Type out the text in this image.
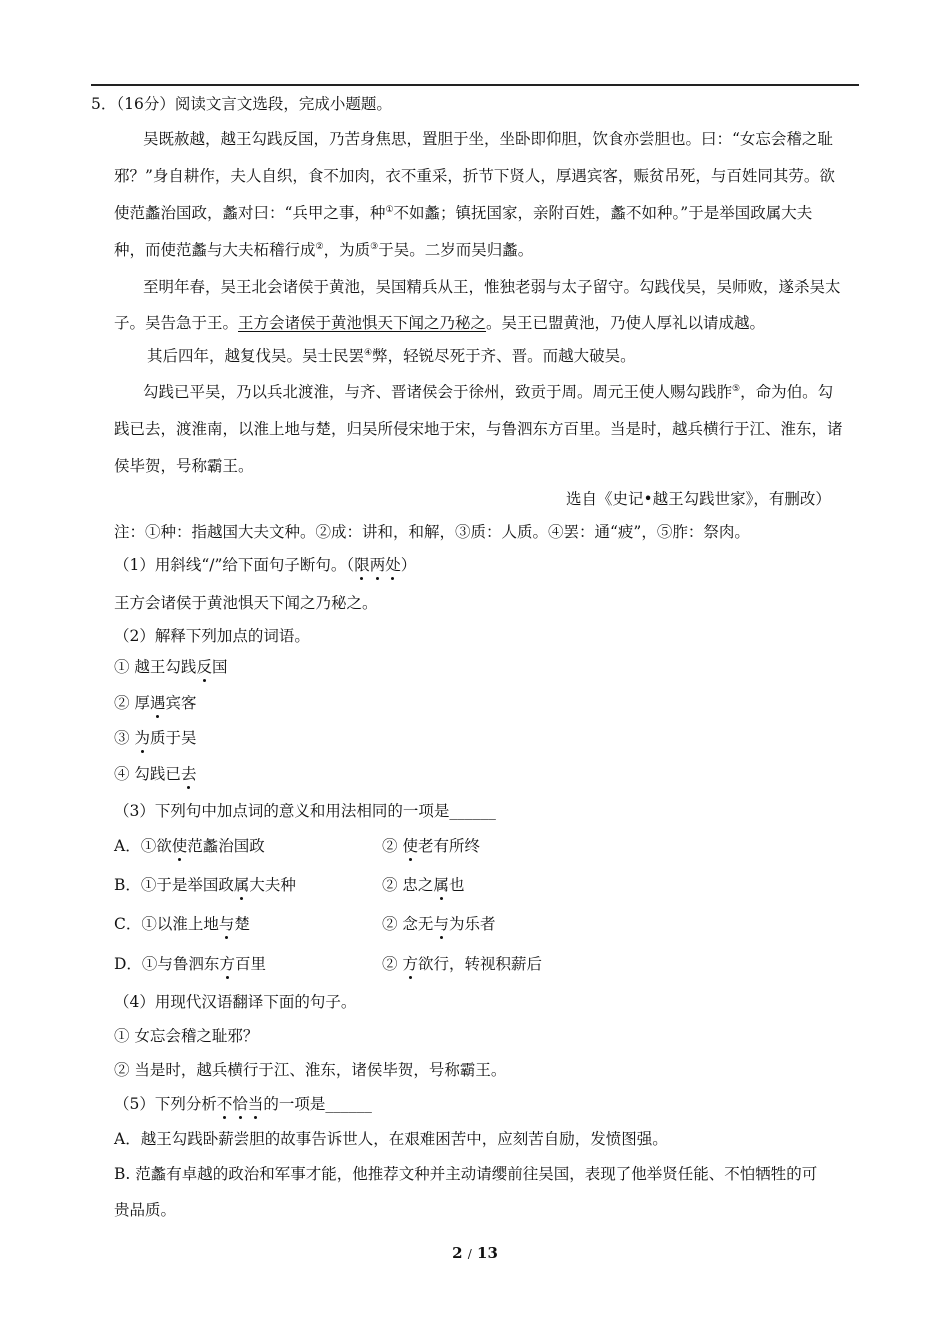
5．（16分）阅读文言文选段，完成小题题。
吴既赦越，越王勾践反国，乃苦身焦思，置胆于坐，坐卧即仰胆，饮食亦尝胆也。曰：“女忘会稽之耻
邪？”身自耕作，夫人自织，食不加肉，衣不重采，折节下贤人，厚遇宾客，赈贫吊死，与百姓同其劳。欲
使范蠡治国政，蠡对曰：“兵甲之事，种①不如蠡；镇抚国家，亲附百姓，蠡不如种。”于是举国政属大夫
种，而使范蠡与大夫柘稽行成②，为质③于吴。二岁而吴归蠡。
至明年春，吴王北会诸侯于黄池，吴国精兵从王，惟独老弱与太子留守。勾践伐吴，吴师败，遂杀吴太
子。吴告急于王。王方会诸侯于黄池惧天下闻之乃秘之。吴王已盟黄池，乃使人厚礼以请成越。
其后四年，越复伐吴。吴士民罢④弊，轻锐尽死于齐、晋。而越大破吴。
勾践已平吴，乃以兵北渡淮，与齐、晋诸侯会于徐州，致贡于周。周元王使人赐勾践胙⑤，命为伯。勾
践已去，渡淮南，以淮上地与楚，归吴所侵宋地于宋，与鲁泗东方百里。当是时，越兵横行于江、淮东，诸
侯毕贺，号称霸王。
选自《史记•越王勾践世家》，有删改）
注：①种：指越国大夫文种。②成：讲和，和解，③质：人质。④罢：通“疲”，⑤胙：祭肉。
（1）用斜线“/”给下面句子断句。（限两处）
王方会诸侯于黄池惧天下闻之乃秘之。
（2）解释下列加点的词语。
① 越王勾践反国
② 厚遇宾客
③ 为质于吴
④ 勾践已去
（3）下列句中加点词的意义和用法相同的一项是______
A．①欲使范蠡治国政	② 使老有所终
B．①于是举国政属大夫种	② 忠之属也
C．①以淮上地与楚	② 念无与为乐者
D．①与鲁泗东方百里	② 方欲行，转视积薪后
（4）用现代汉语翻译下面的句子。
① 女忘会稽之耻邪？
② 当是时，越兵横行于江、淮东，诸侯毕贺，号称霸王。
（5）下列分析不恰当的一项是______
A．越王勾践卧薪尝胆的故事告诉世人，在艰难困苦中，应刻苦自励，发愤图强。
B. 范蠡有卓越的政治和军事才能，他推荐文种并主动请缨前往吴国，表现了他举贤任能、不怕牺牲的可
贵品质。
2 / 13
